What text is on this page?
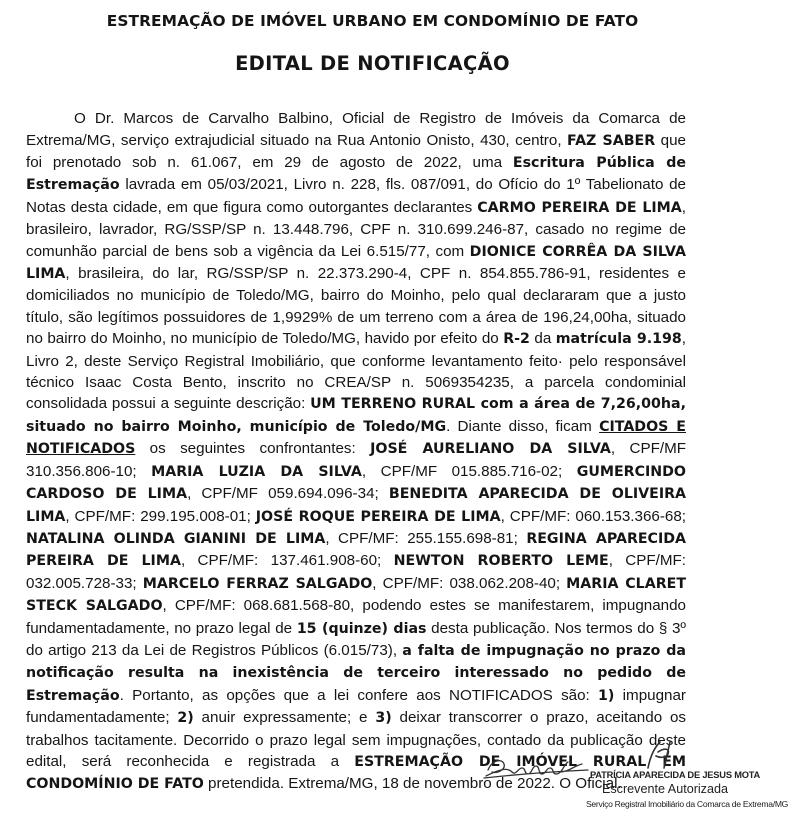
ESTREMAÇÃO DE IMÓVEL URBANO EM CONDOMÍNIO DE FATO
EDITAL DE NOTIFICAÇÃO

O Dr. Marcos de Carvalho Balbino, Oficial de Registro de Imóveis da Comarca de Extrema/MG, serviço extrajudicial situado na Rua Antonio Onisto, 430, centro, FAZ SABER que foi prenotado sob n. 61.067, em 29 de agosto de 2022, uma Escritura Pública de Estremação lavrada em 05/03/2021, Livro n. 228, fls. 087/091, do Ofício do 1º Tabelionato de Notas desta cidade, em que figura como outorgantes declarantes CARMO PEREIRA DE LIMA, brasileiro, lavrador, RG/SSP/SP n. 13.448.796, CPF n. 310.699.246-87, casado no regime de comunhão parcial de bens sob a vigência da Lei 6.515/77, com DIONICE CORRÊA DA SILVA LIMA, brasileira, do lar, RG/SSP/SP n. 22.373.290-4, CPF n. 854.855.786-91, residentes e domiciliados no município de Toledo/MG, bairro do Moinho, pelo qual declararam que a justo título, são legítimos possuidores de 1,9929% de um terreno com a área de 196,24,00ha, situado no bairro do Moinho, no município de Toledo/MG, havido por efeito do R-2 da matrícula 9.198, Livro 2, deste Serviço Registral Imobiliário, que conforme levantamento feito· pelo responsável técnico Isaac Costa Bento, inscrito no CREA/SP n. 5069354235, a parcela condominial consolidada possui a seguinte descrição: UM TERRENO RURAL com a área de 7,26,00ha, situado no bairro Moinho, município de Toledo/MG. Diante disso, ficam CITADOS E NOTIFICADOS os seguintes confrontantes: JOSÉ AURELIANO DA SILVA, CPF/MF 310.356.806-10; MARIA LUZIA DA SILVA, CPF/MF 015.885.716-02; GUMERCINDO CARDOSO DE LIMA, CPF/MF 059.694.096-34; BENEDITA APARECIDA DE OLIVEIRA LIMA, CPF/MF: 299.195.008-01; JOSÉ ROQUE PEREIRA DE LIMA, CPF/MF: 060.153.366-68; NATALINA OLINDA GIANINI DE LIMA, CPF/MF: 255.155.698-81; REGINA APARECIDA PEREIRA DE LIMA, CPF/MF: 137.461.908-60; NEWTON ROBERTO LEME, CPF/MF: 032.005.728-33; MARCELO FERRAZ SALGADO, CPF/MF: 038.062.208-40; MARIA CLARET STECK SALGADO, CPF/MF: 068.681.568-80, podendo estes se manifestarem, impugnando fundamentadamente, no prazo legal de 15 (quinze) dias desta publicação. Nos termos do § 3º do artigo 213 da Lei de Registros Públicos (6.015/73), a falta de impugnação no prazo da notificação resulta na inexistência de terceiro interessado no pedido de Estremação. Portanto, as opções que a lei confere aos NOTIFICADOS são: 1) impugnar fundamentadamente; 2) anuir expressamente; e 3) deixar transcorrer o prazo, aceitando os trabalhos tacitamente. Decorrido o prazo legal sem impugnações, contado da publicação deste edital, será reconhecida e registrada a ESTREMAÇÃO DE IMÓVEL RURAL EM CONDOMÍNIO DE FATO pretendida. Extrema/MG, 18 de novembro de 2022. O Oficial.

PATRÍCIA APARECIDA DE JESUS MOTA
Escrevente Autorizada
Serviço Registral Imobiliário da Comarca de Extrema/MG
